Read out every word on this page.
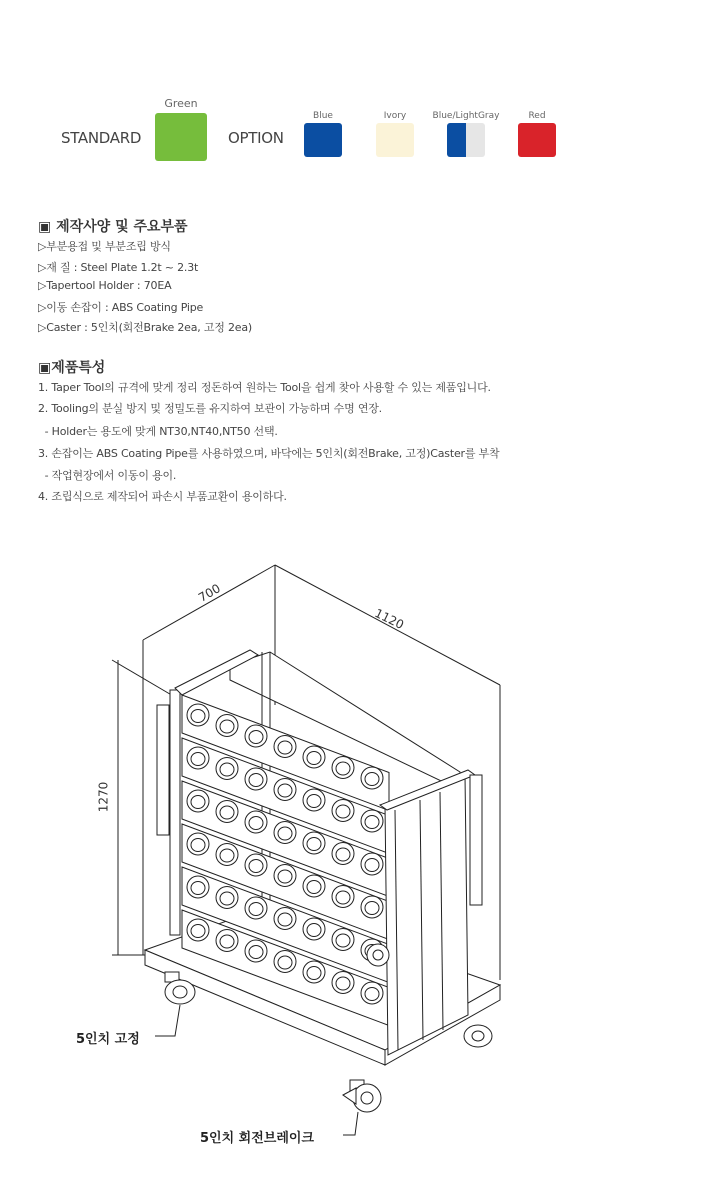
STANDARD
Green
OPTION
Blue	Ivory	Blue/LightGray	Red
▣ 제작사양 및 주요부품
▷부분용접 및 부분조립 방식
▷재 질 : Steel Plate 1.2t ~ 2.3t
▷Tapertool Holder : 70EA
▷이동 손잡이 : ABS Coating Pipe
▷Caster : 5인치(회전Brake 2ea, 고정 2ea)
▣제품특성
1. Taper Tool의 규격에 맞게 정리 정돈하여 원하는 Tool을 쉽게 찾아 사용할 수 있는 제품입니다.
2. Tooling의 분실 방지 및 정밀도를 유지하여 보관이 가능하며 수명 연장.
- Holder는 용도에 맞게 NT30,NT40,NT50 선택.
3. 손잡이는 ABS Coating Pipe를 사용하였으며, 바닥에는 5인치(회전Brake, 고정)Caster를 부착
- 작업현장에서 이동이 용이.
4. 조립식으로 제작되어 파손시 부품교환이 용이하다.
700
1120
1270
5인치 고정
5인치 회전브레이크
